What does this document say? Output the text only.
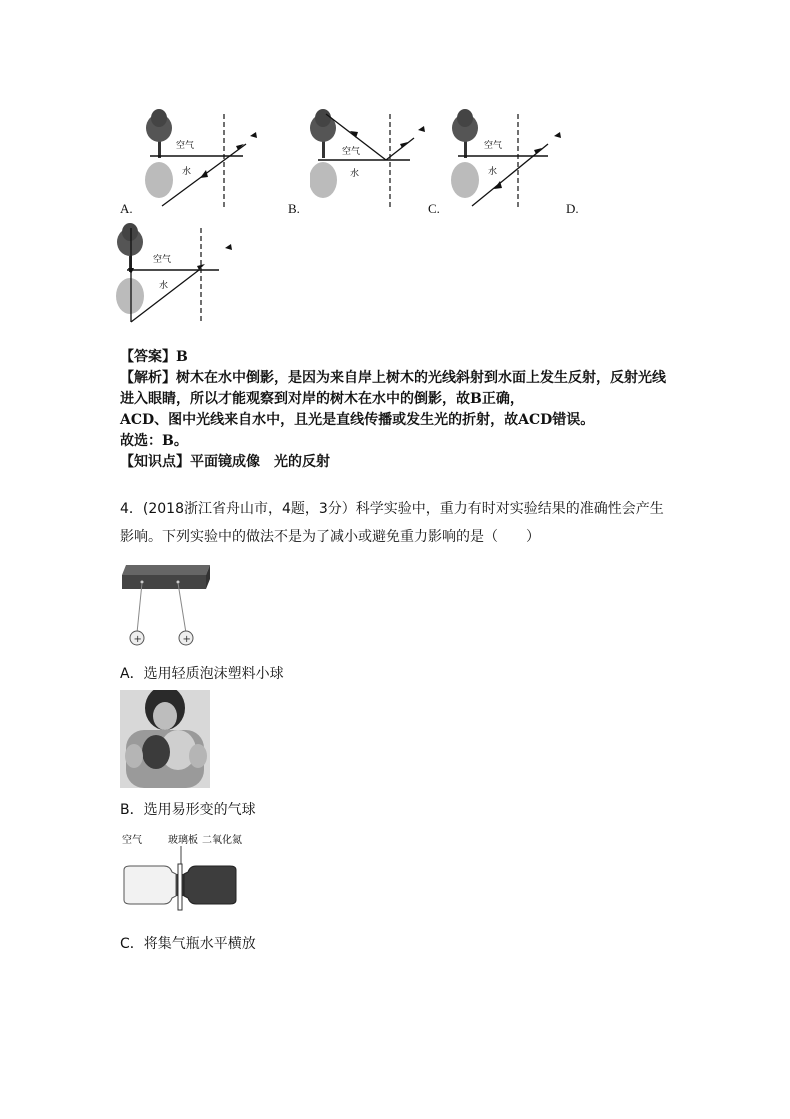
空气
水
A.
空气
水
B.
空气
水
C.	D.
空气
水
【答案】B
【解析】树木在水中倒影，是因为来自岸上树木的光线斜射到水面上发生反射，反射光线
进入眼睛，所以才能观察到对岸的树木在水中的倒影，故B正确，
ACD、图中光线来自水中，且光是直线传播或发生光的折射，故ACD错误。
故选：B。
【知识点】平面镜成像　光的反射
4．(2018浙江省舟山市，4题，3分）科学实验中，重力有时对实验结果的准确性会产生
影响。下列实验中的做法不是为了减小或避免重力影响的是（　　）
+	+
A．选用轻质泡沫塑料小球
B．选用易形变的气球
空气	玻璃板 二氧化氮
C．将集气瓶水平横放
